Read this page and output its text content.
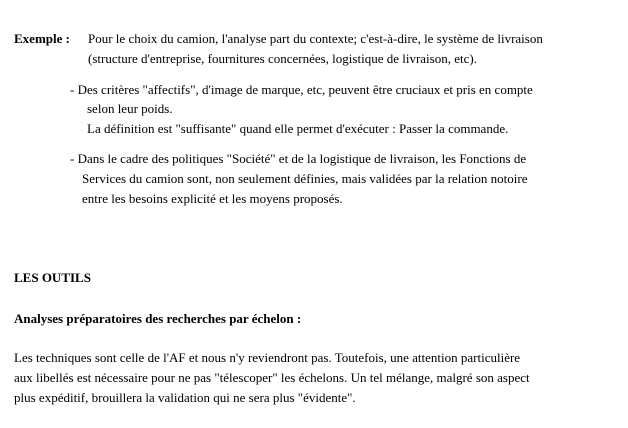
Exemple : Pour le choix du camion, l'analyse part du contexte; c'est-à-dire, le système de livraison
(structure d'entreprise, fournitures concernées, logistique de livraison, etc).
- Des critères "affectifs", d'image de marque, etc, peuvent être cruciaux et pris en compte
selon leur poids.
La définition est "suffisante" quand elle permet d'exécuter : Passer la commande.
- Dans le cadre des politiques "Société" et de la logistique de livraison, les Fonctions de
Services du camion sont, non seulement définies, mais validées par la relation notoire
entre les besoins explicité et les moyens proposés.
LES OUTILS
Analyses préparatoires des recherches par échelon :
Les techniques sont celle de l'AF et nous n'y reviendront pas. Toutefois, une attention particulière
aux libellés est nécessaire pour ne pas "télescoper" les échelons. Un tel mélange, malgré son aspect
plus expéditif, brouillera la validation qui ne sera plus "évidente".
